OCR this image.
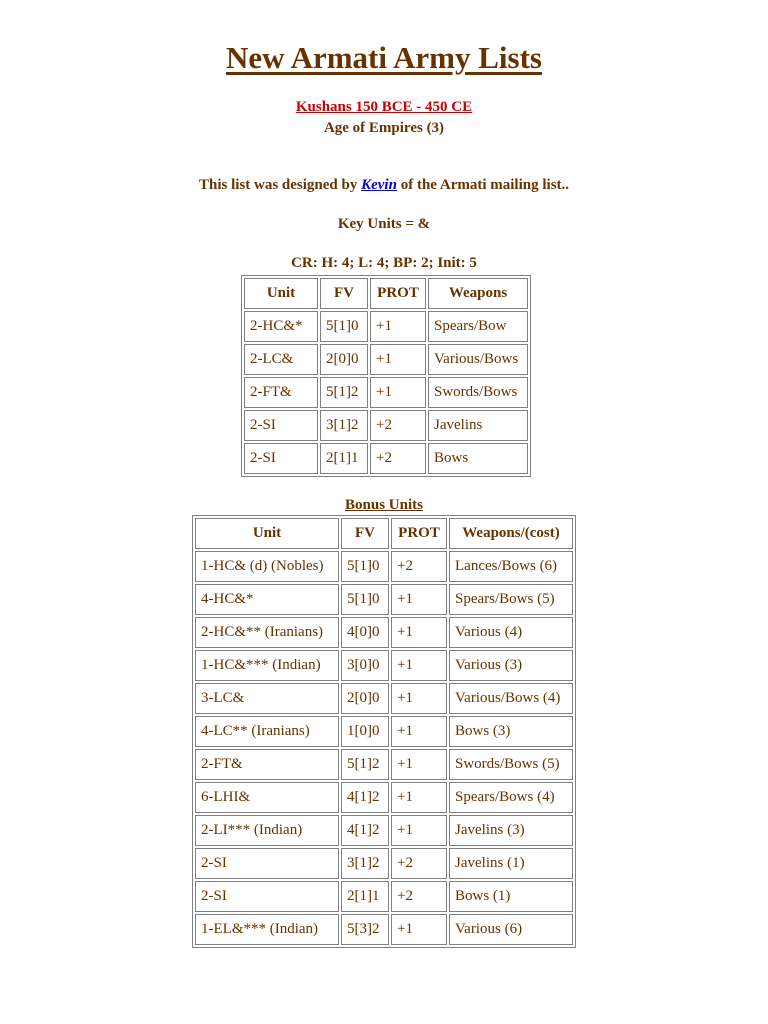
New Armati Army Lists
Kushans 150 BCE - 450 CE
Age of Empires (3)
This list was designed by Kevin of the Armati mailing list..
Key Units = &
CR: H: 4; L: 4; BP: 2; Init: 5
Unit	FV	PROT	Weapons
2-HC&*	5[1]0	+1	Spears/Bow
2-LC&	2[0]0	+1	Various/Bows
2-FT&	5[1]2	+1	Swords/Bows
2-SI	3[1]2	+2	Javelins
2-SI	2[1]1	+2	Bows
Bonus Units
Unit	FV	PROT	Weapons/(cost)
1-HC& (d) (Nobles)	5[1]0	+2	Lances/Bows (6)
4-HC&*	5[1]0	+1	Spears/Bows (5)
2-HC&** (Iranians)	4[0]0	+1	Various (4)
1-HC&*** (Indian)	3[0]0	+1	Various (3)
3-LC&	2[0]0	+1	Various/Bows (4)
4-LC** (Iranians)	1[0]0	+1	Bows (3)
2-FT&	5[1]2	+1	Swords/Bows (5)
6-LHI&	4[1]2	+1	Spears/Bows (4)
2-LI*** (Indian)	4[1]2	+1	Javelins (3)
2-SI	3[1]2	+2	Javelins (1)
2-SI	2[1]1	+2	Bows (1)
1-EL&*** (Indian)	5[3]2	+1	Various (6)
